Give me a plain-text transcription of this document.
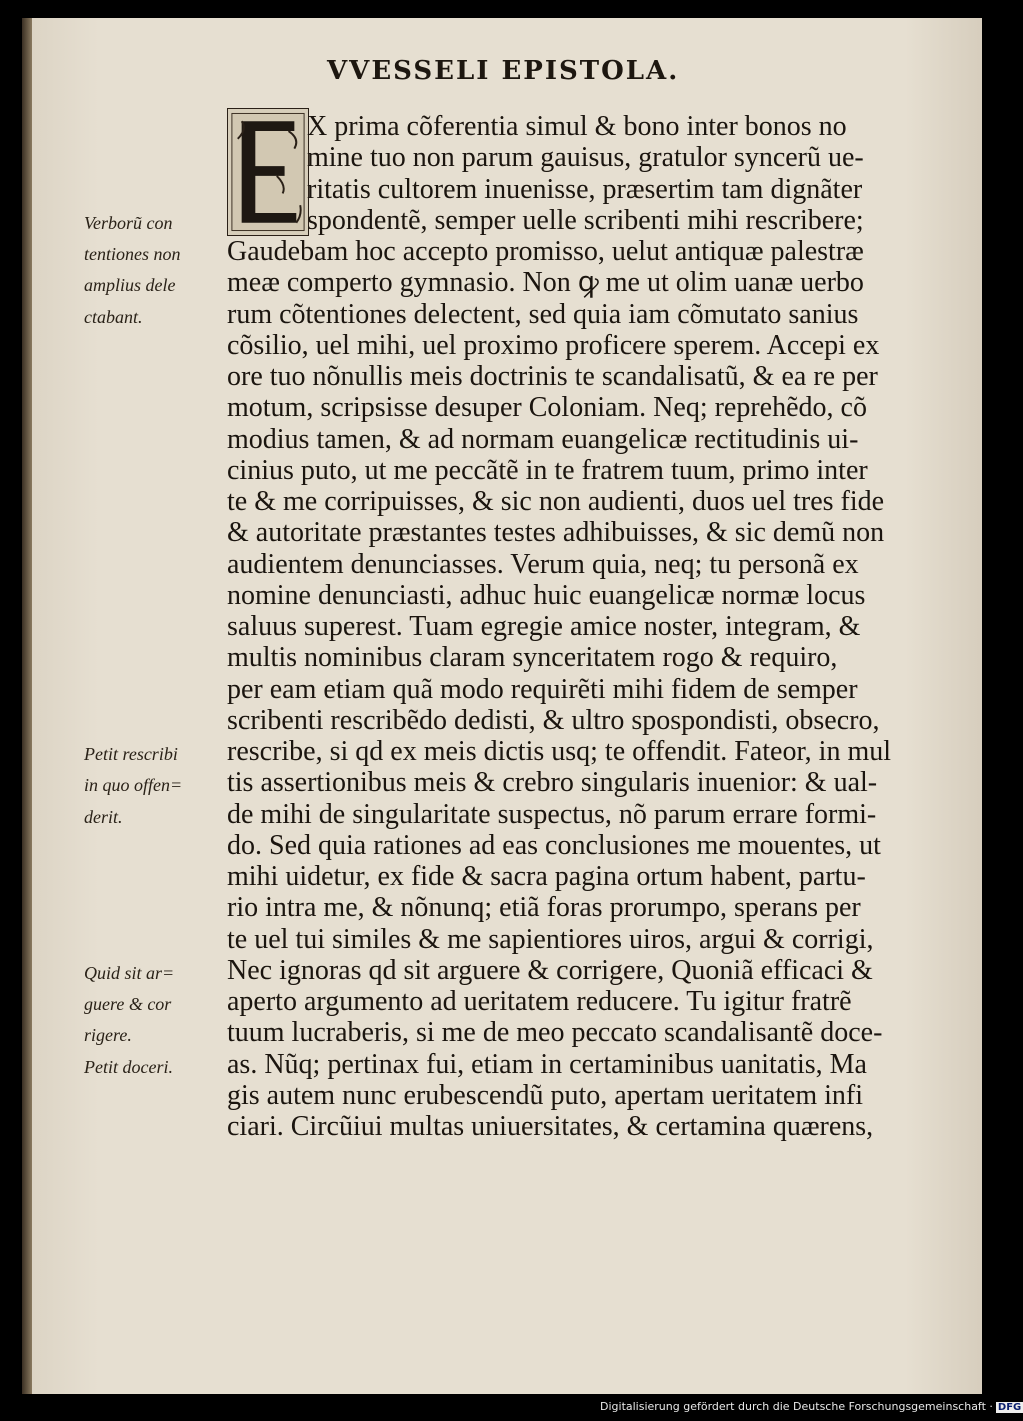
VVESSELI EPISTOLA.
X prima cõferentia simul & bono inter bonos no
mine tuo non parum gauisus, gratulor syncerũ ue-
ritatis cultorem inuenisse, præsertim tam dignãter
spondentẽ, semper uelle scribenti mihi rescribere;
Gaudebam hoc accepto promisso, uelut antiquæ palestræ
meæ comperto gymnasio. Non ꝙ me ut olim uanæ uerbo
rum cõtentiones delectent, sed quia iam cõmutato sanius
cõsilio, uel mihi, uel proximo proficere sperem. Accepi ex
ore tuo nõnullis meis doctrinis te scandalisatũ, & ea re per
motum, scripsisse desuper Coloniam. Neq; reprehẽdo, cõ
modius tamen, & ad normam euangelicæ rectitudinis ui-
cinius puto, ut me peccãtẽ in te fratrem tuum, primo inter
te & me corripuisses, & sic non audienti, duos uel tres fide
& autoritate præstantes testes adhibuisses, & sic demũ non
audientem denunciasses. Verum quia, neq; tu personã ex
nomine denunciasti, adhuc huic euangelicæ normæ locus
saluus superest. Tuam egregie amice noster, integram, &
multis nominibus claram synceritatem rogo & requiro,
per eam etiam quã modo requirẽti mihi fidem de semper
scribenti rescribẽdo dedisti, & ultro spospondisti, obsecro,
rescribe, si qd ex meis dictis usq; te offendit. Fateor, in mul
tis assertionibus meis & crebro singularis inuenior: & ual-
de mihi de singularitate suspectus, nõ parum errare formi-
do. Sed quia rationes ad eas conclusiones me mouentes, ut
mihi uidetur, ex fide & sacra pagina ortum habent, partu-
rio intra me, & nõnunq; etiã foras prorumpo, sperans per
te uel tui similes & me sapientiores uiros, argui & corrigi,
Nec ignoras qd sit arguere & corrigere, Quoniã efficaci &
aperto argumento ad ueritatem reducere. Tu igitur fratrẽ
tuum lucraberis, si me de meo peccato scandalisantẽ doce-
as. Nũq; pertinax fui, etiam in certaminibus uanitatis, Ma
gis autem nunc erubescendũ puto, apertam ueritatem infi
ciari. Circũiui multas uniuersitates, & certamina quærens,
Verborũ con
tentiones non
amplius dele
ctabant.
Petit rescribi
in quo offen=
derit.
Quid sit ar=
guere & cor
rigere.
Petit doceri.
Digitalisierung gefördert durch die Deutsche Forschungsgemeinschaft · DFG
